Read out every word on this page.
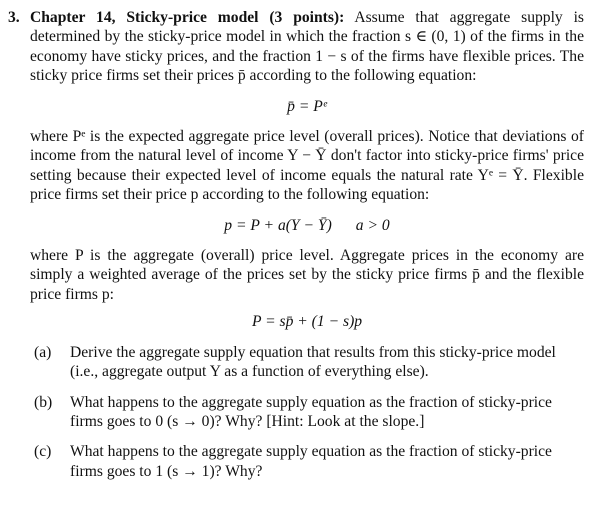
3. Chapter 14, Sticky-price model (3 points): Assume that aggregate supply is determined by the sticky-price model in which the fraction s ∈ (0, 1) of the firms in the economy have sticky prices, and the fraction 1 − s of the firms have flexible prices. The sticky price firms set their prices p̄ according to the following equation:

p̄ = Pᵉ

where Pᵉ is the expected aggregate price level (overall prices). Notice that deviations of income from the natural level of income Y − Ȳ don't factor into sticky-price firms' price setting because their expected level of income equals the natural rate Yᵉ = Ȳ. Flexible price firms set their price p according to the following equation:

p = P + a(Y − Ȳ) a > 0

where P is the aggregate (overall) price level. Aggregate prices in the economy are simply a weighted average of the prices set by the sticky price firms p̄ and the flexible price firms p:

P = sp̄ + (1 − s)p
(a) Derive the aggregate supply equation that results from this sticky-price model (i.e., aggregate output Y as a function of everything else).
(b) What happens to the aggregate supply equation as the fraction of sticky-price firms goes to 0 (s → 0)? Why? [Hint: Look at the slope.]
(c) What happens to the aggregate supply equation as the fraction of sticky-price firms goes to 1 (s → 1)? Why?
